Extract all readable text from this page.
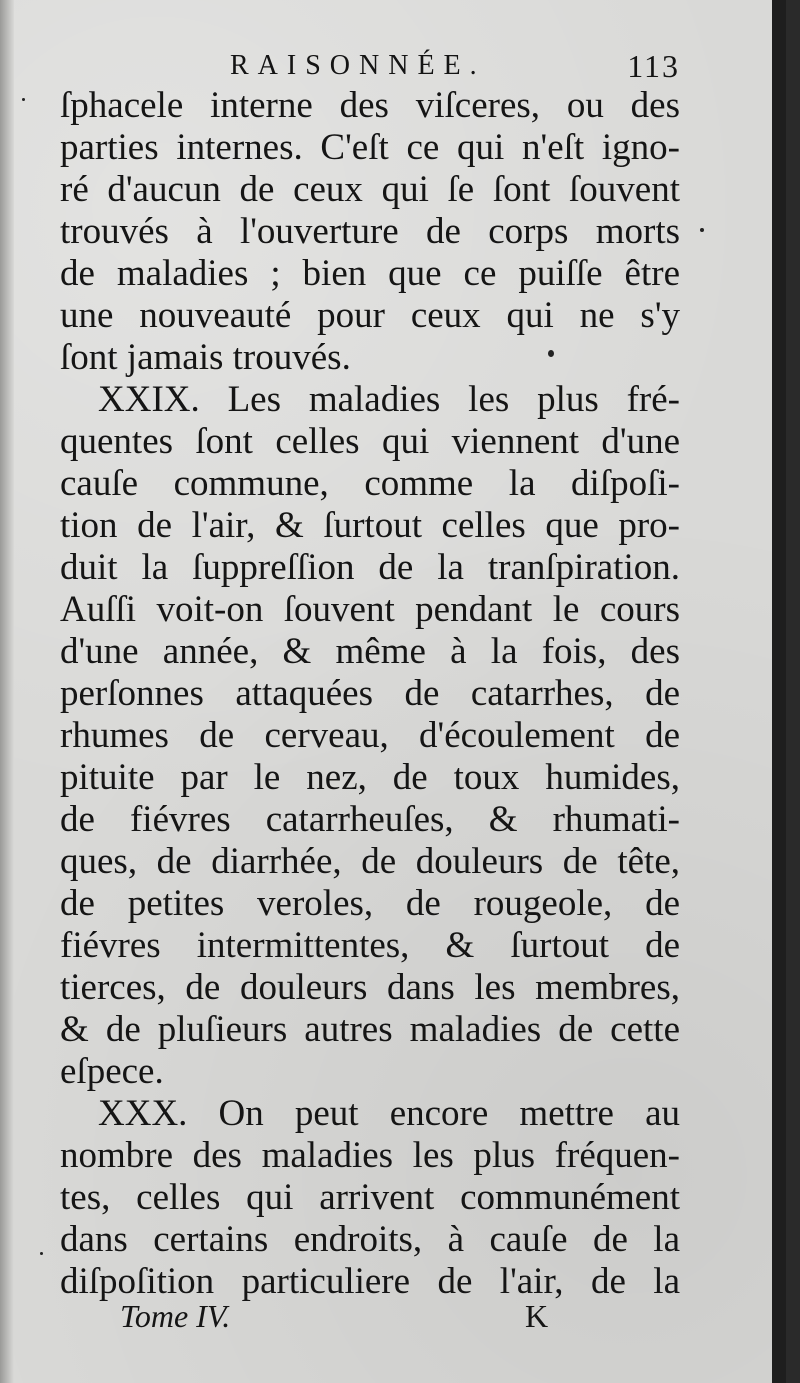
RAISONNÉE.	113
ſphacele interne des viſceres, ou des
parties internes. C'eſt ce qui n'eſt igno-
ré d'aucun de ceux qui ſe ſont ſouvent
trouvés à l'ouverture de corps morts
de maladies ; bien que ce puiſſe être
une nouveauté pour ceux qui ne s'y
ſont jamais trouvés.
XXIX. Les maladies les plus fré-
quentes ſont celles qui viennent d'une
cauſe commune, comme la diſpoſi-
tion de l'air, & ſurtout celles que pro-
duit la ſuppreſſion de la tranſpiration.
Auſſi voit-on ſouvent pendant le cours
d'une année, & même à la fois, des
perſonnes attaquées de catarrhes, de
rhumes de cerveau, d'écoulement de
pituite par le nez, de toux humides,
de fiévres catarrheuſes, & rhumati-
ques, de diarrhée, de douleurs de tête,
de petites veroles, de rougeole, de
fiévres intermittentes, & ſurtout de
tierces, de douleurs dans les membres,
& de pluſieurs autres maladies de cette
eſpece.
XXX. On peut encore mettre au
nombre des maladies les plus fréquen-
tes, celles qui arrivent communément
dans certains endroits, à cauſe de la
diſpoſition particuliere de l'air, de la
Tome IV.	K
